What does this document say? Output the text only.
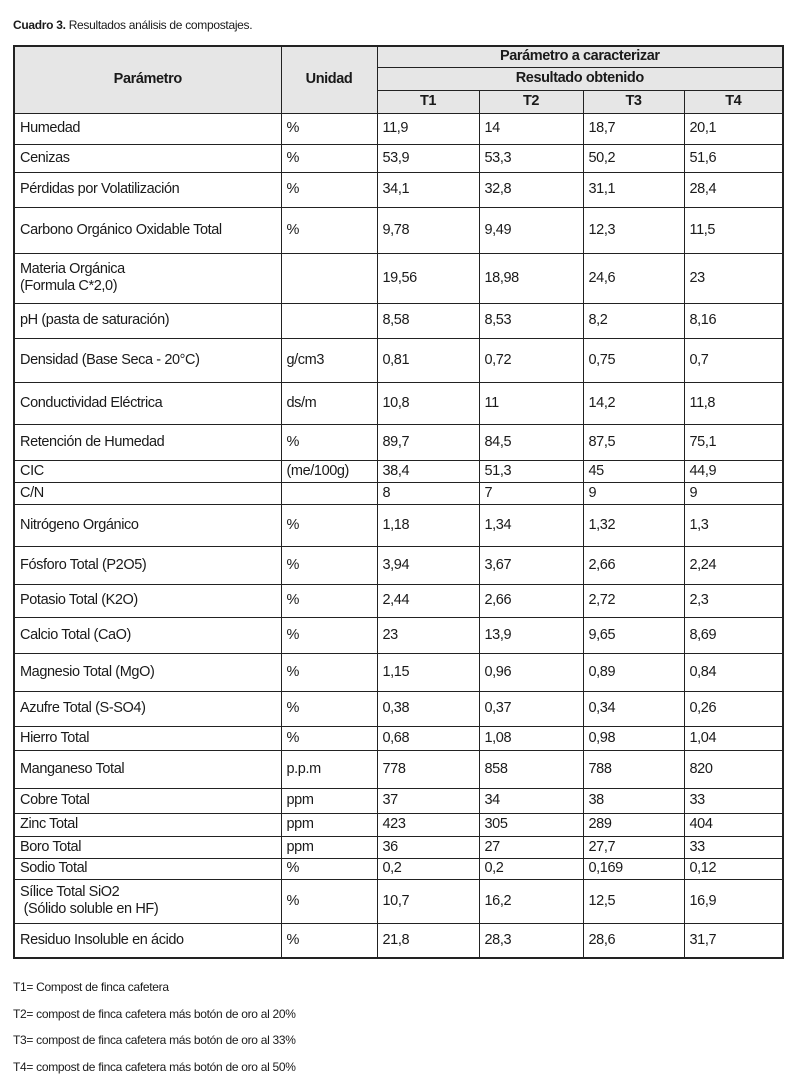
Cuadro 3. Resultados análisis de compostajes.
Parámetro	Unidad	Parámetro a caracterizar			
		Resultado obtenido			
		T1	T2	T3	T4

Humedad	%	11,9	14	18,7	20,1

Cenizas	%	53,9	53,3	50,2	51,6

Pérdidas por Volatilización	%	34,1	32,8	31,1	28,4

Carbono Orgánico Oxidable Total	%	9,78	9,49	12,3	11,5

Materia Orgánica
(Formula C*2,0)		19,56	18,98	24,6	23

pH (pasta de saturación)		8,58	8,53	8,2	8,16

Densidad (Base Seca - 20°C)	g/cm3	0,81	0,72	0,75	0,7

Conductividad Eléctrica	ds/m	10,8	11	14,2	11,8

Retención de Humedad	%	89,7	84,5	87,5	75,1

CIC	(me/100g)	38,4	51,3	45	44,9

C/N		8	7	9	9

Nitrógeno Orgánico	%	1,18	1,34	1,32	1,3

Fósforo Total (P2O5)	%	3,94	3,67	2,66	2,24

Potasio Total (K2O)	%	2,44	2,66	2,72	2,3

Calcio Total (CaO)	%	23	13,9	9,65	8,69

Magnesio Total (MgO)	%	1,15	0,96	0,89	0,84

Azufre Total (S-SO4)	%	0,38	0,37	0,34	0,26

Hierro Total	%	0,68	1,08	0,98	1,04

Manganeso Total	p.p.m	778	858	788	820

Cobre Total	ppm	37	34	38	33

Zinc Total	ppm	423	305	289	404

Boro Total	ppm	36	27	27,7	33

Sodio Total	%	0,2	0,2	0,169	0,12

Sílice Total SiO2
(Sólido soluble en HF)	%	10,7	16,2	12,5	16,9

Residuo Insoluble en ácido	%	21,8	28,3	28,6	31,7
T1= Compost de finca cafetera
T2= compost de finca cafetera más botón de oro al 20%
T3= compost de finca cafetera más botón de oro al 33%
T4= compost de finca cafetera más botón de oro al 50%
